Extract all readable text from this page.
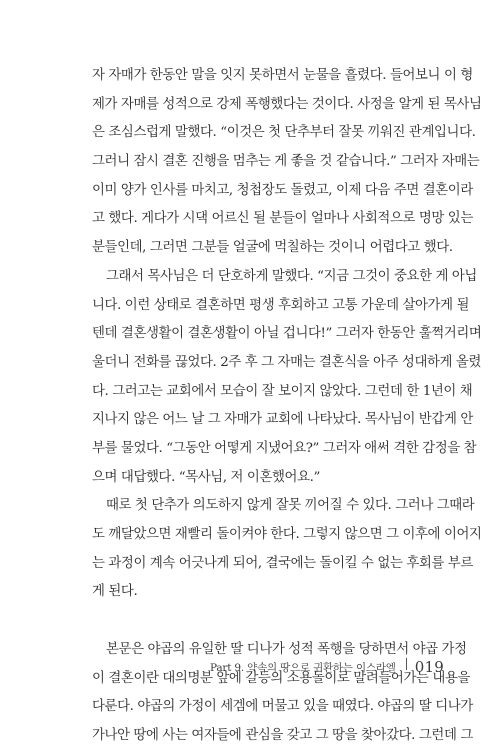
자 자매가 한동안 말을 잇지 못하면서 눈물을 흘렸다. 들어보니 이 형

제가 자매를 성적으로 강제 폭행했다는 것이다. 사정을 알게 된 목사님

은 조심스럽게 말했다. “이것은 첫 단추부터 잘못 끼워진 관계입니다.

그러니 잠시 결혼 진행을 멈추는 게 좋을 것 같습니다.” 그러자 자매는

이미 양가 인사를 마치고, 청첩장도 돌렸고, 이제 다음 주면 결혼이라

고 했다. 게다가 시댁 어르신 될 분들이 얼마나 사회적으로 명망 있는

분들인데, 그러면 그분들 얼굴에 먹칠하는 것이니 어렵다고 했다.

그래서 목사님은 더 단호하게 말했다. “지금 그것이 중요한 게 아닙

니다. 이런 상태로 결혼하면 평생 후회하고 고통 가운데 살아가게 될

텐데 결혼생활이 결혼생활이 아닐 겁니다!” 그러자 한동안 훌쩍거리며

울더니 전화를 끊었다. 2주 후 그 자매는 결혼식을 아주 성대하게 올렸

다. 그러고는 교회에서 모습이 잘 보이지 않았다. 그런데 한 1년이 채

지나지 않은 어느 날 그 자매가 교회에 나타났다. 목사님이 반갑게 안

부를 물었다. “그동안 어떻게 지냈어요?” 그러자 애써 격한 감정을 참

으며 대답했다. “목사님, 저 이혼했어요.”

때로 첫 단추가 의도하지 않게 잘못 끼어질 수 있다. 그러나 그때라

도 깨달았으면 재빨리 돌이켜야 한다. 그렇지 않으면 그 이후에 이어지

는 과정이 계속 어긋나게 되어, 결국에는 돌이킬 수 없는 후회를 부르

게 된다.

본문은 야곱의 유일한 딸 디나가 성적 폭행을 당하면서 야곱 가정

이 결혼이란 대의명분 앞에 갈등의 소용돌이로 말려들어가는 내용을

다룬다. 야곱의 가정이 세겜에 머물고 있을 때였다. 야곱의 딸 디나가

가나안 땅에 사는 여자들에 관심을 갖고 그 땅을 찾아갔다. 그런데 그

Part 9. 약속의 땅으로 귀환하는 이스라엘 019
